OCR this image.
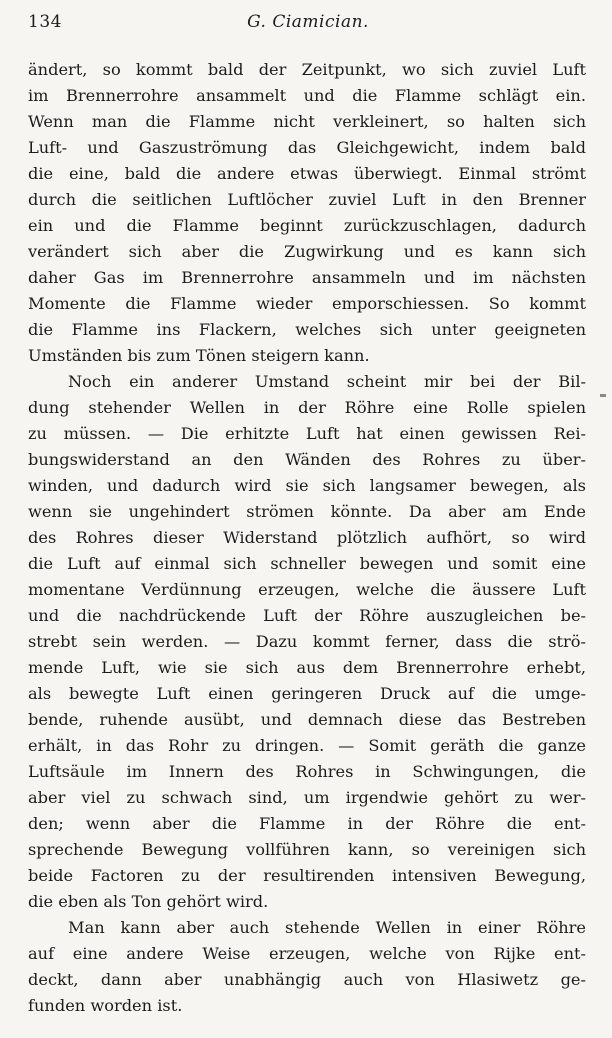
134	G. Ciamician.
ändert, so kommt bald der Zeitpunkt, wo sich zuviel Luft
im Brennerrohre ansammelt und die Flamme schlägt ein.
Wenn man die Flamme nicht verkleinert, so halten sich
Luft- und Gaszuströmung das Gleichgewicht, indem bald
die eine, bald die andere etwas überwiegt. Einmal strömt
durch die seitlichen Luftlöcher zuviel Luft in den Brenner
ein und die Flamme beginnt zurückzuschlagen, dadurch
verändert sich aber die Zugwirkung und es kann sich
daher Gas im Brennerrohre ansammeln und im nächsten
Momente die Flamme wieder emporschiessen. So kommt
die Flamme ins Flackern, welches sich unter geeigneten
Umständen bis zum Tönen steigern kann.
Noch ein anderer Umstand scheint mir bei der Bil-
dung stehender Wellen in der Röhre eine Rolle spielen
zu müssen. — Die erhitzte Luft hat einen gewissen Rei-
bungswiderstand an den Wänden des Rohres zu über-
winden, und dadurch wird sie sich langsamer bewegen, als
wenn sie ungehindert strömen könnte. Da aber am Ende
des Rohres dieser Widerstand plötzlich aufhört, so wird
die Luft auf einmal sich schneller bewegen und somit eine
momentane Verdünnung erzeugen, welche die äussere Luft
und die nachdrückende Luft der Röhre auszugleichen be-
strebt sein werden. — Dazu kommt ferner, dass die strö-
mende Luft, wie sie sich aus dem Brennerrohre erhebt,
als bewegte Luft einen geringeren Druck auf die umge-
bende, ruhende ausübt, und demnach diese das Bestreben
erhält, in das Rohr zu dringen. — Somit geräth die ganze
Luftsäule im Innern des Rohres in Schwingungen, die
aber viel zu schwach sind, um irgendwie gehört zu wer-
den; wenn aber die Flamme in der Röhre die ent-
sprechende Bewegung vollführen kann, so vereinigen sich
beide Factoren zu der resultirenden intensiven Bewegung,
die eben als Ton gehört wird.
Man kann aber auch stehende Wellen in einer Röhre
auf eine andere Weise erzeugen, welche von Rijke ent-
deckt, dann aber unabhängig auch von Hlasiwetz ge-
funden worden ist.
